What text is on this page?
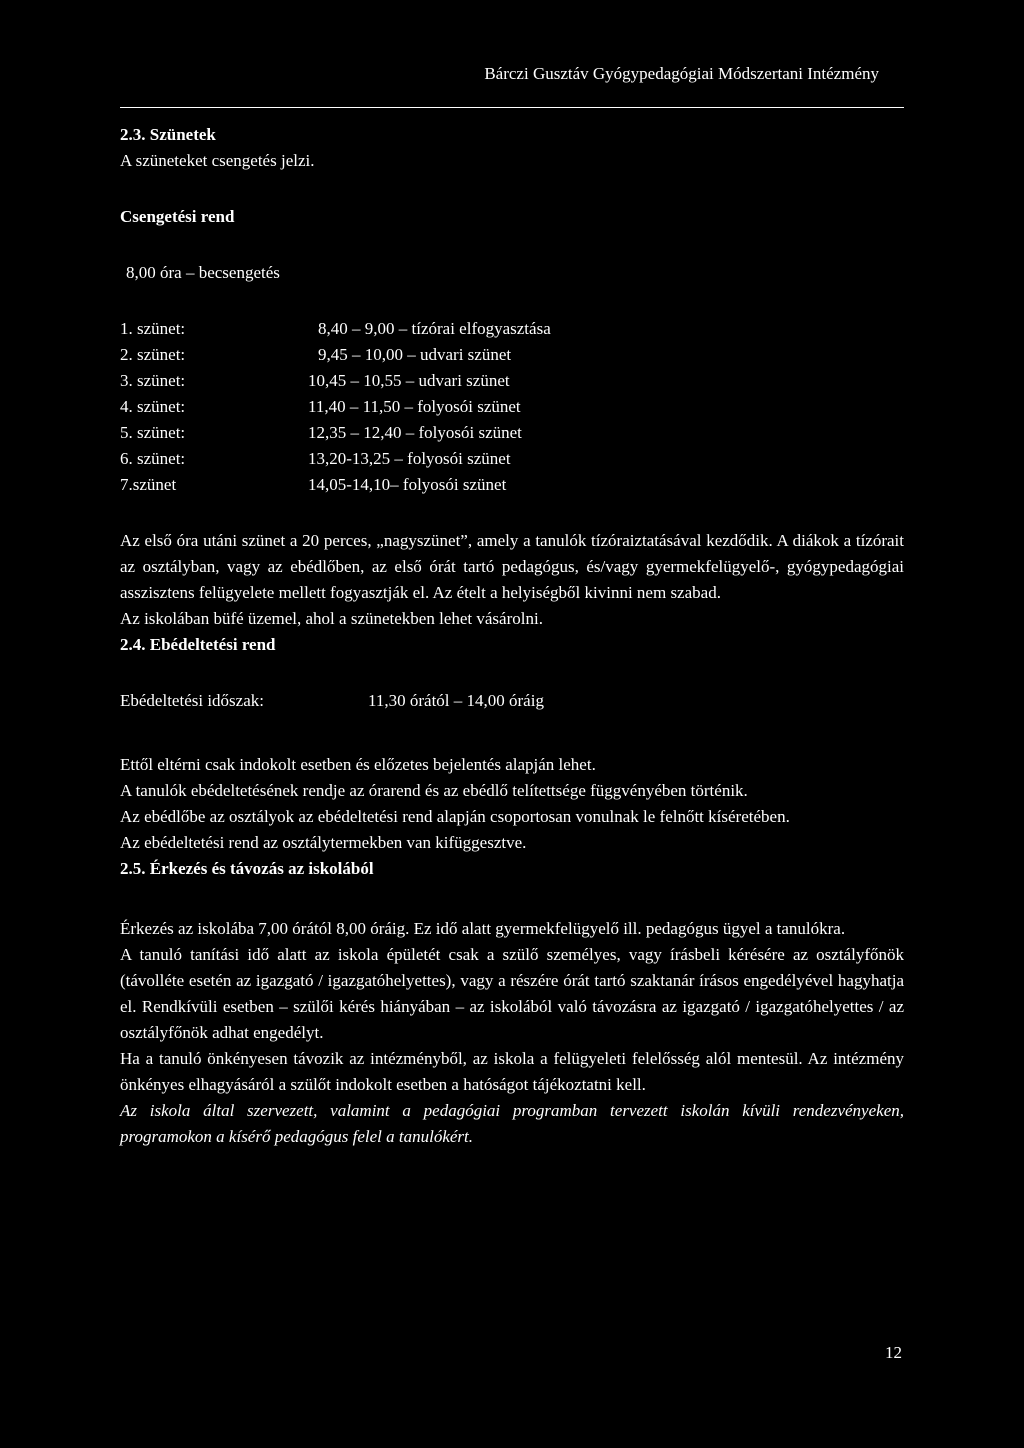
Bárczi Gusztáv Gyógypedagógiai Módszertani Intézmény

2.3. Szünetek

A szüneteket csengetés jelzi.

Csengetési rend

8,00 óra – becsengetés

1. szünet:	8,40 – 9,00 – tízórai elfogyasztása
2. szünet:	9,45 – 10,00 – udvari szünet
3. szünet:	10,45 – 10,55 – udvari szünet
4. szünet:	11,40 – 11,50 – folyosói szünet
5. szünet:	12,35 – 12,40 – folyosói szünet
6. szünet:	13,20-13,25 – folyosói szünet
7.szünet	14,05-14,10– folyosói szünet

Az első óra utáni szünet a 20 perces, „nagyszünet”, amely a tanulók tízóraiztatásával kezdődik. A diákok a tízórait az osztályban, vagy az ebédlőben, az első órát tartó pedagógus, és/vagy gyermekfelügyelő-, gyógypedagógiai asszisztens felügyelete mellett fogyasztják el. Az ételt a helyiségből kivinni nem szabad.

Az iskolában büfé üzemel, ahol a szünetekben lehet vásárolni.

2.4. Ebédeltetési rend

Ebédeltetési időszak:	11,30 órától – 14,00 óráig

Ettől eltérni csak indokolt esetben és előzetes bejelentés alapján lehet.

A tanulók ebédeltetésének rendje az órarend és az ebédlő telítettsége függvényében történik.

Az ebédlőbe az osztályok az ebédeltetési rend alapján csoportosan vonulnak le felnőtt kíséretében.

Az ebédeltetési rend az osztálytermekben van kifüggesztve.

2.5. Érkezés és távozás az iskolából

Érkezés az iskolába 7,00 órától 8,00 óráig. Ez idő alatt gyermekfelügyelő ill. pedagógus ügyel a tanulókra.

A tanuló tanítási idő alatt az iskola épületét csak a szülő személyes, vagy írásbeli kérésére az osztályfőnök (távolléte esetén az igazgató / igazgatóhelyettes), vagy a részére órát tartó szaktanár írásos engedélyével hagyhatja el. Rendkívüli esetben – szülői kérés hiányában – az iskolából való távozásra az igazgató / igazgatóhelyettes / az osztályfőnök adhat engedélyt.

Ha a tanuló önkényesen távozik az intézményből, az iskola a felügyeleti felelősség alól mentesül. Az intézmény önkényes elhagyásáról a szülőt indokolt esetben a hatóságot tájékoztatni kell.

Az iskola által szervezett, valamint a pedagógiai programban tervezett iskolán kívüli rendezvényeken, programokon a kísérő pedagógus felel a tanulókért.

12
